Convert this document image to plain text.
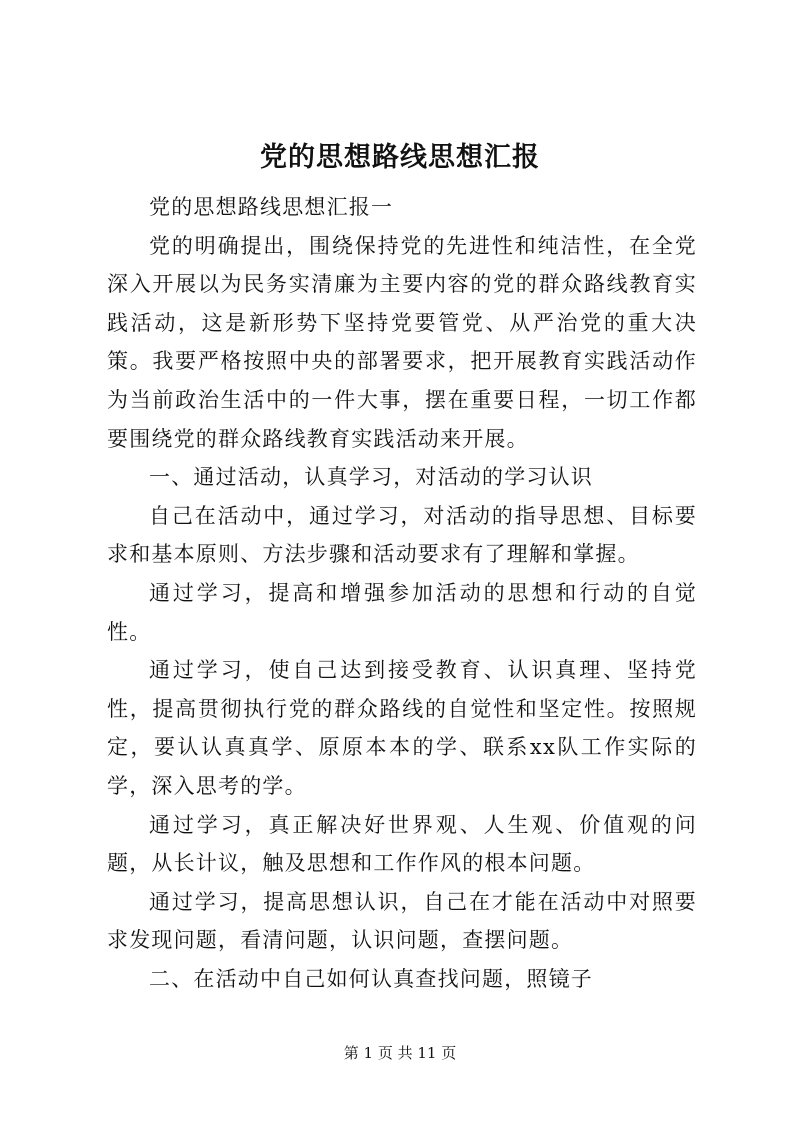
党的思想路线思想汇报

党的思想路线思想汇报一

党的明确提出，围绕保持党的先进性和纯洁性，在全党深入开展以为民务实清廉为主要内容的党的群众路线教育实践活动，这是新形势下坚持党要管党、从严治党的重大决策。我要严格按照中央的部署要求，把开展教育实践活动作为当前政治生活中的一件大事，摆在重要日程，一切工作都要围绕党的群众路线教育实践活动来开展。

一、通过活动，认真学习，对活动的学习认识

自己在活动中，通过学习，对活动的指导思想、目标要求和基本原则、方法步骤和活动要求有了理解和掌握。

通过学习，提高和增强参加活动的思想和行动的自觉性。

通过学习，使自己达到接受教育、认识真理、坚持党性，提高贯彻执行党的群众路线的自觉性和坚定性。按照规定，要认认真真学、原原本本的学、联系xx队工作实际的学，深入思考的学。

通过学习，真正解决好世界观、人生观、价值观的问题，从长计议，触及思想和工作作风的根本问题。

通过学习，提高思想认识，自己在才能在活动中对照要求发现问题，看清问题，认识问题，查摆问题。

二、在活动中自己如何认真查找问题，照镜子

第 1 页 共 11 页
